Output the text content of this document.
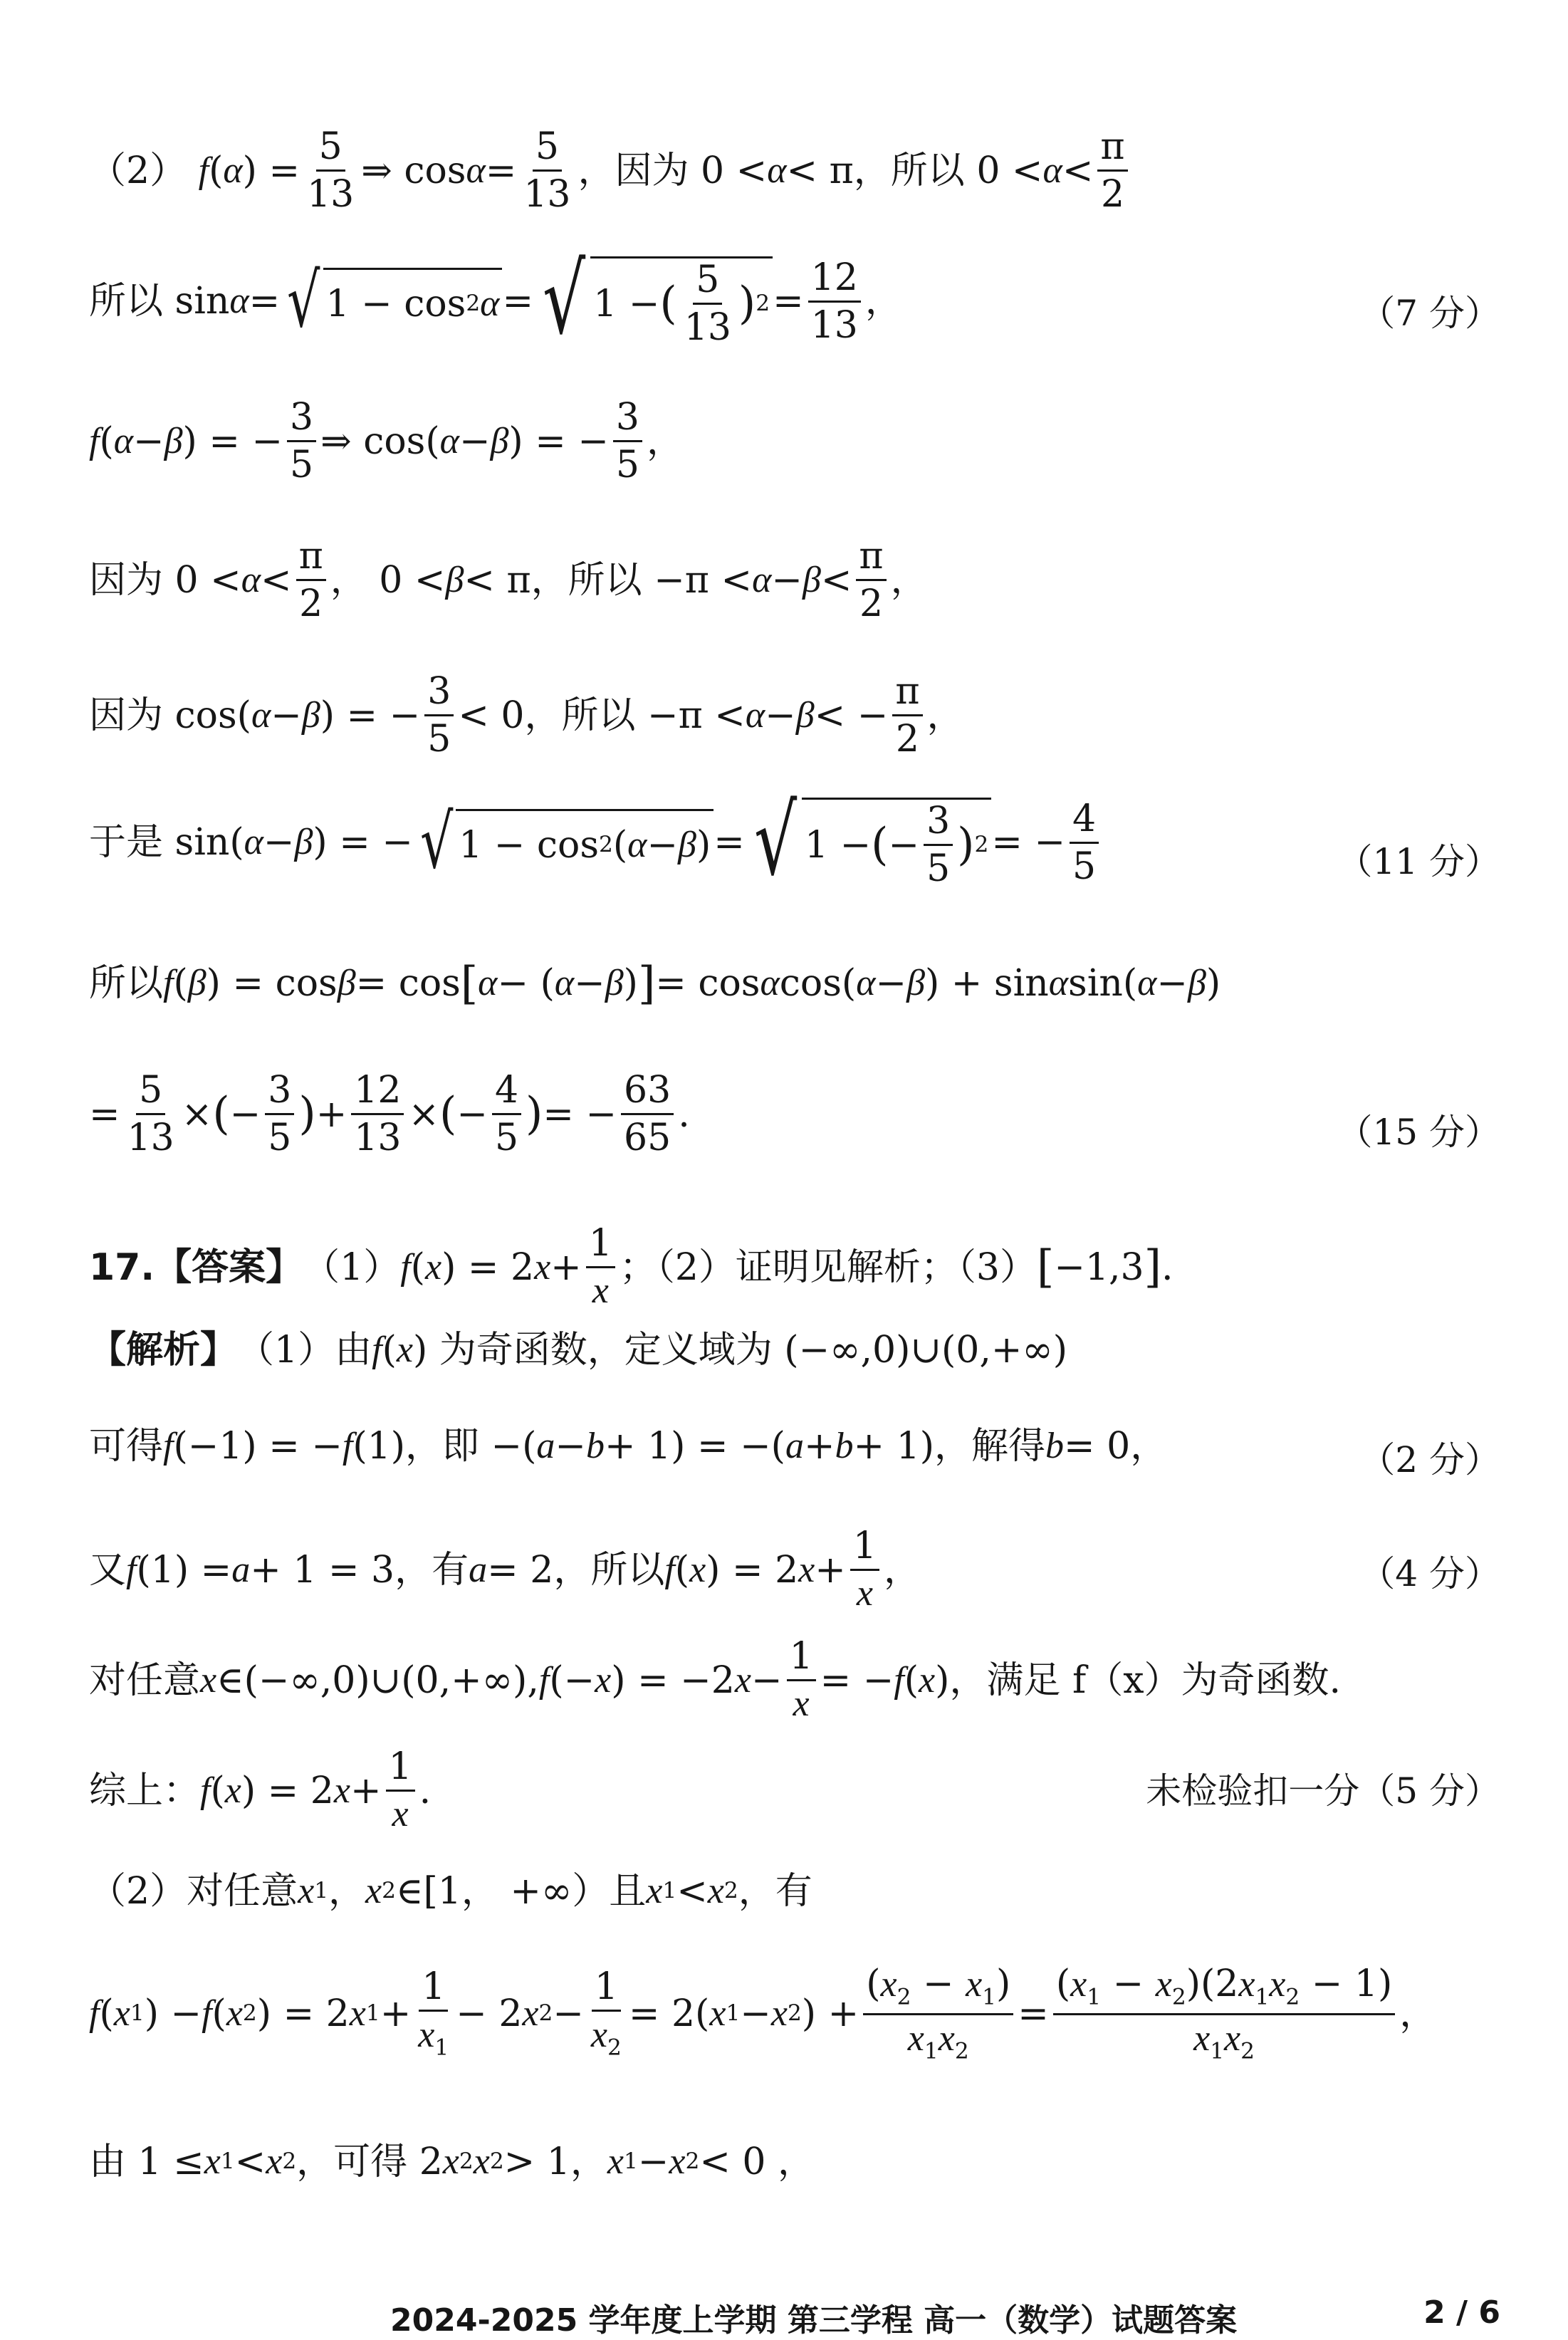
（2）
f ( α ) = $\frac{5}{13}$ ⇒ $\cos \alpha = \frac{5}{13}$ ，因为 0 < α < π，所以 $0 < \alpha < \frac{\pi}{2}$
所以 sin α = √ 1 − cos 2 α = √ 1 − ( $\frac{5}{13}$ ) $2 = \frac{12}{13}$ ，	（7 分）
f ( α − β ) = − $\frac{3}{5}$ ⇒ cos( α − β ) = − $\frac{3}{5}$ ，
因为 $0 < \alpha < \frac{\pi}{2}$ ， 0 < β < π，所以 $-\pi < \alpha - \beta < \frac{\pi}{2}$ ，
因为 cos( α − β ) = − $\frac{3}{5} < 0$，所以 −π < α − β < − $\frac{\pi}{2}$ ，
于是 sin( α − β ) = − √ 1 − cos 2 ( α − β ) = √ 1 − ( − $\frac{3}{5}$ ) 2 = − $\frac{4}{5}$	（11 分）
所以 f ( β ) = cos β = cos [ α − ( α − β ) ] = cos α cos( α − β ) + sin α sin( α − β )
= $\frac{5}{13}$ × ( − $\frac{3}{5}$ ) + $\frac{12}{13}$ × ( − $\frac{4}{5}$ ) = − $\frac{63}{65}$ .	（15 分）
17.【答案】 （1） f ( x ) = 2 $x + \frac{1}{x}$ ；（2）证明见解析；（3） [ −1,3 ] .
【解析】 （1）由 f ( x ) 为奇函数，定义域为 (−∞,0)∪(0,+∞)
可得 f (−1) = − f (1)，即 −( a − b + 1) = −( a + b + 1)，解得 b = 0，	（2 分）
又 f (1) = a + 1 = 3，有 a = 2，所以 f ( x ) = 2 $x + \frac{1}{x}$ ，	（4 分）
对任意 x ∈(−∞,0)∪(0,+∞), f (− x ) = −2 $x - \frac{1}{x}$ = − f ( x )，满足 f（x）为奇函数.
综上： f ( x ) = 2 $x + \frac{1}{x}$ .	未检验扣一分（5 分）
（2）对任意 x 1 ， x 2 ∈[1， +∞）且 x 1 < x 2 ，有
f ( x 1 ) − f ( x 2 ) = 2 x $1 + \frac{1}{x_1} - 2$ x $2 - \frac{1}{x_2} = 2$( x 1 − x 2 ) + $\frac{(x_2 - x_1)}{x_1x_2} = \frac{(x_1 - x_2)(2x_1x_2 - 1)}{x_1x_2}$ ，
由 1 ≤ x 1 < x 2 ，可得 2 x 2 x 2 > 1， x 1 − x 2 < 0 ，
2024-2025 学年度上学期 第三学程 高一（数学）试题答案	2 / 6
